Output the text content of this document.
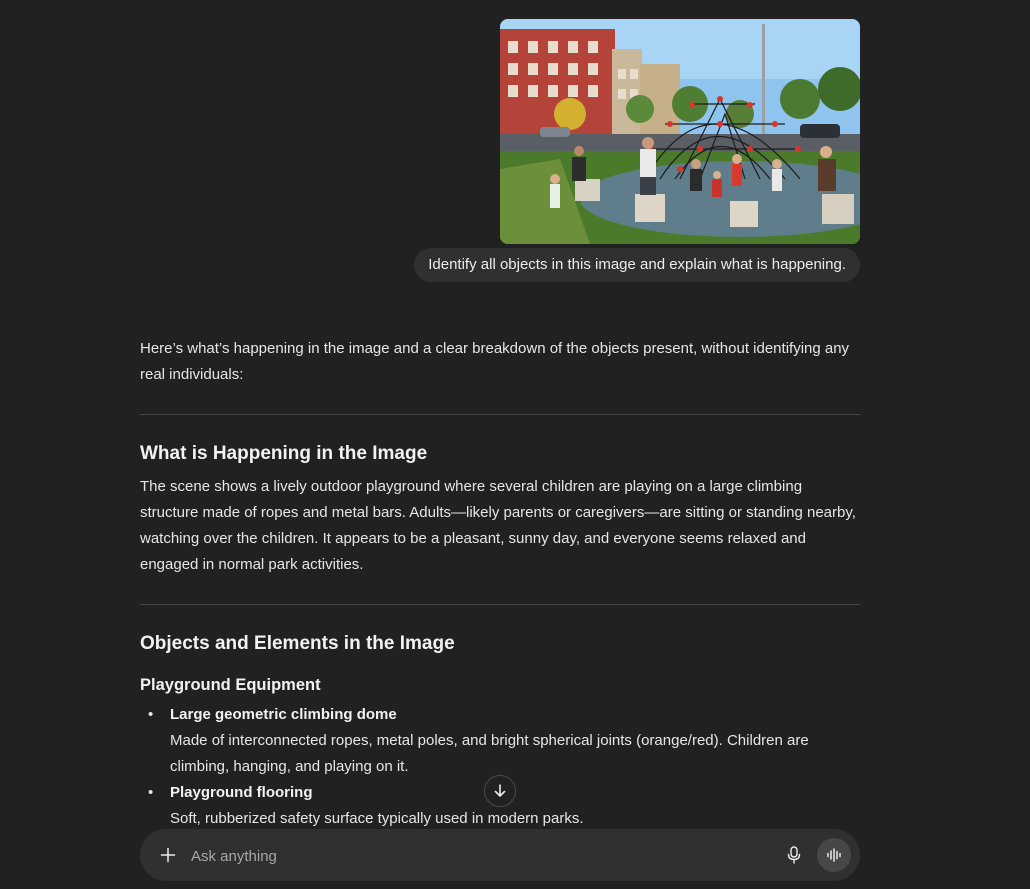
Identify all objects in this image and explain what is happening.

Here’s what’s happening in the image and a clear breakdown of the objects present, without identifying any real individuals:

What is Happening in the Image

The scene shows a lively outdoor playground where several children are playing on a large climbing structure made of ropes and metal bars. Adults—likely parents or caregivers—are sitting or standing nearby, watching over the children. It appears to be a pleasant, sunny day, and everyone seems relaxed and engaged in normal park activities.

Objects and Elements in the Image
Playground Equipment
• Large geometric climbing dome
Made of interconnected ropes, metal poles, and bright spherical joints (orange/red). Children are climbing, hanging, and playing on it.
• Playground flooring
Soft, rubberized safety surface typically used in modern parks.
Ask anything
